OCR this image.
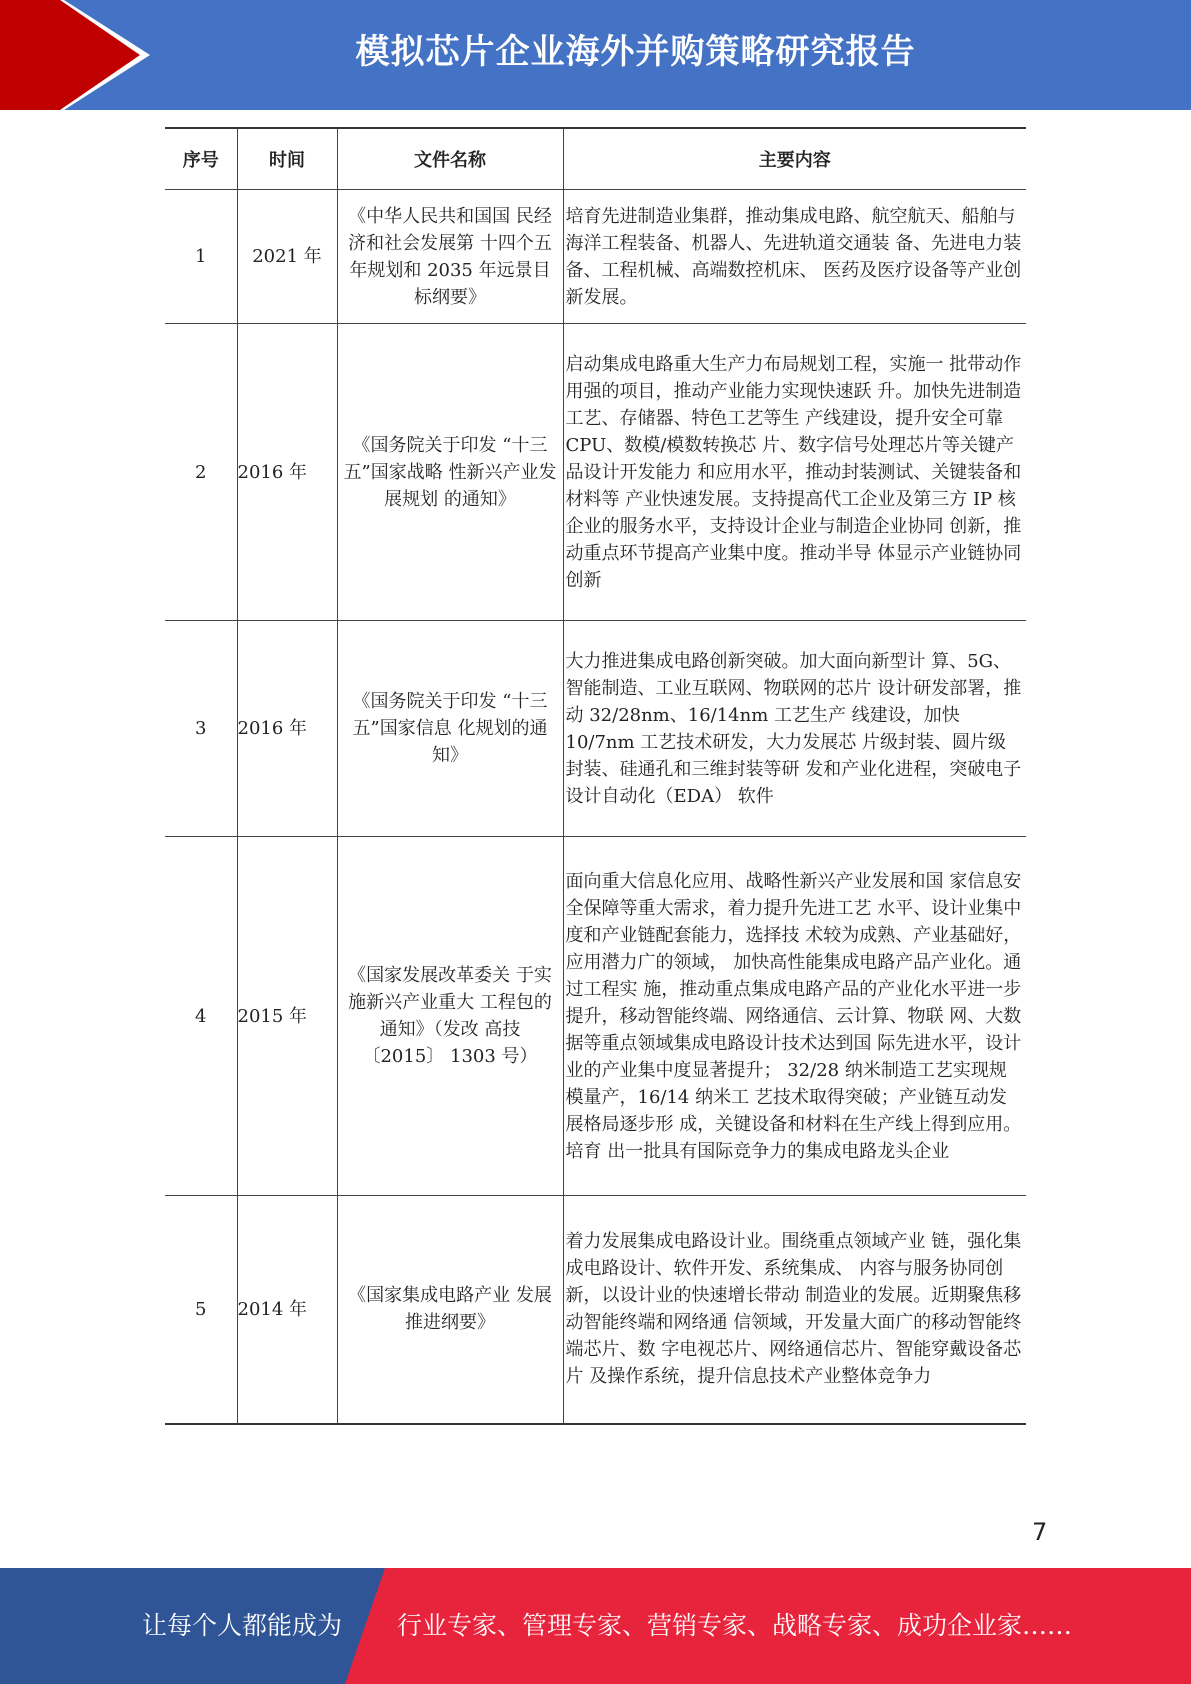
模拟芯片企业海外并购策略研究报告
序号	时间	文件名称	主要内容
1	2021 年	《中华人民共和国国 民经济和社会发展第 十四个五年规划和 2035 年远景目标纲要》	培育先进制造业集群，推动集成电路、航空航天、船舶与海洋工程装备、机器人、先进轨道交通装 备、先进电力装备、工程机械、高端数控机床、 医药及医疗设备等产业创新发展。
2	2016 年	《国务院关于印发 “十三五”国家战略 性新兴产业发展规划 的通知》	启动集成电路重大生产力布局规划工程，实施一 批带动作用强的项目，推动产业能力实现快速跃 升。加快先进制造工艺、存储器、特色工艺等生 产线建设，提升安全可靠 CPU、数模/模数转换芯 片、数字信号处理芯片等关键产品设计开发能力 和应用水平，推动封装测试、关键装备和材料等 产业快速发展。支持提高代工企业及第三方 IP 核 企业的服务水平，支持设计企业与制造企业协同 创新，推动重点环节提高产业集中度。推动半导 体显示产业链协同创新
3	2016 年	《国务院关于印发 “十三五”国家信息 化规划的通知》	大力推进集成电路创新突破。加大面向新型计 算、5G、智能制造、工业互联网、物联网的芯片 设计研发部署，推动 32/28nm、16/14nm 工艺生产 线建设，加快 10/7nm 工艺技术研发，大力发展芯 片级封装、圆片级封装、硅通孔和三维封装等研 发和产业化进程，突破电子设计自动化（EDA） 软件
4	2015 年	《国家发展改革委关 于实施新兴产业重大 工程包的通知》（发改 高技〔2015〕 1303 号）	面向重大信息化应用、战略性新兴产业发展和国 家信息安全保障等重大需求，着力提升先进工艺 水平、设计业集中度和产业链配套能力，选择技 术较为成熟、产业基础好，应用潜力广的领域， 加快高性能集成电路产品产业化。通过工程实 施，推动重点集成电路产品的产业化水平进一步提升，移动智能终端、网络通信、云计算、物联 网、大数据等重点领域集成电路设计技术达到国 际先进水平，设计业的产业集中度显著提升； 32/28 纳米制造工艺实现规模量产，16/14 纳米工 艺技术取得突破；产业链互动发展格局逐步形 成，关键设备和材料在生产线上得到应用。培育 出一批具有国际竞争力的集成电路龙头企业
5	2014 年	《国家集成电路产业 发展推进纲要》	着力发展集成电路设计业。围绕重点领域产业 链，强化集成电路设计、软件开发、系统集成、 内容与服务协同创新，以设计业的快速增长带动 制造业的发展。近期聚焦移动智能终端和网络通 信领域，开发量大面广的移动智能终端芯片、数 字电视芯片、网络通信芯片、智能穿戴设备芯片 及操作系统，提升信息技术产业整体竞争力
7
让每个人都能成为 行业专家、管理专家、营销专家、战略专家、成功企业家……
